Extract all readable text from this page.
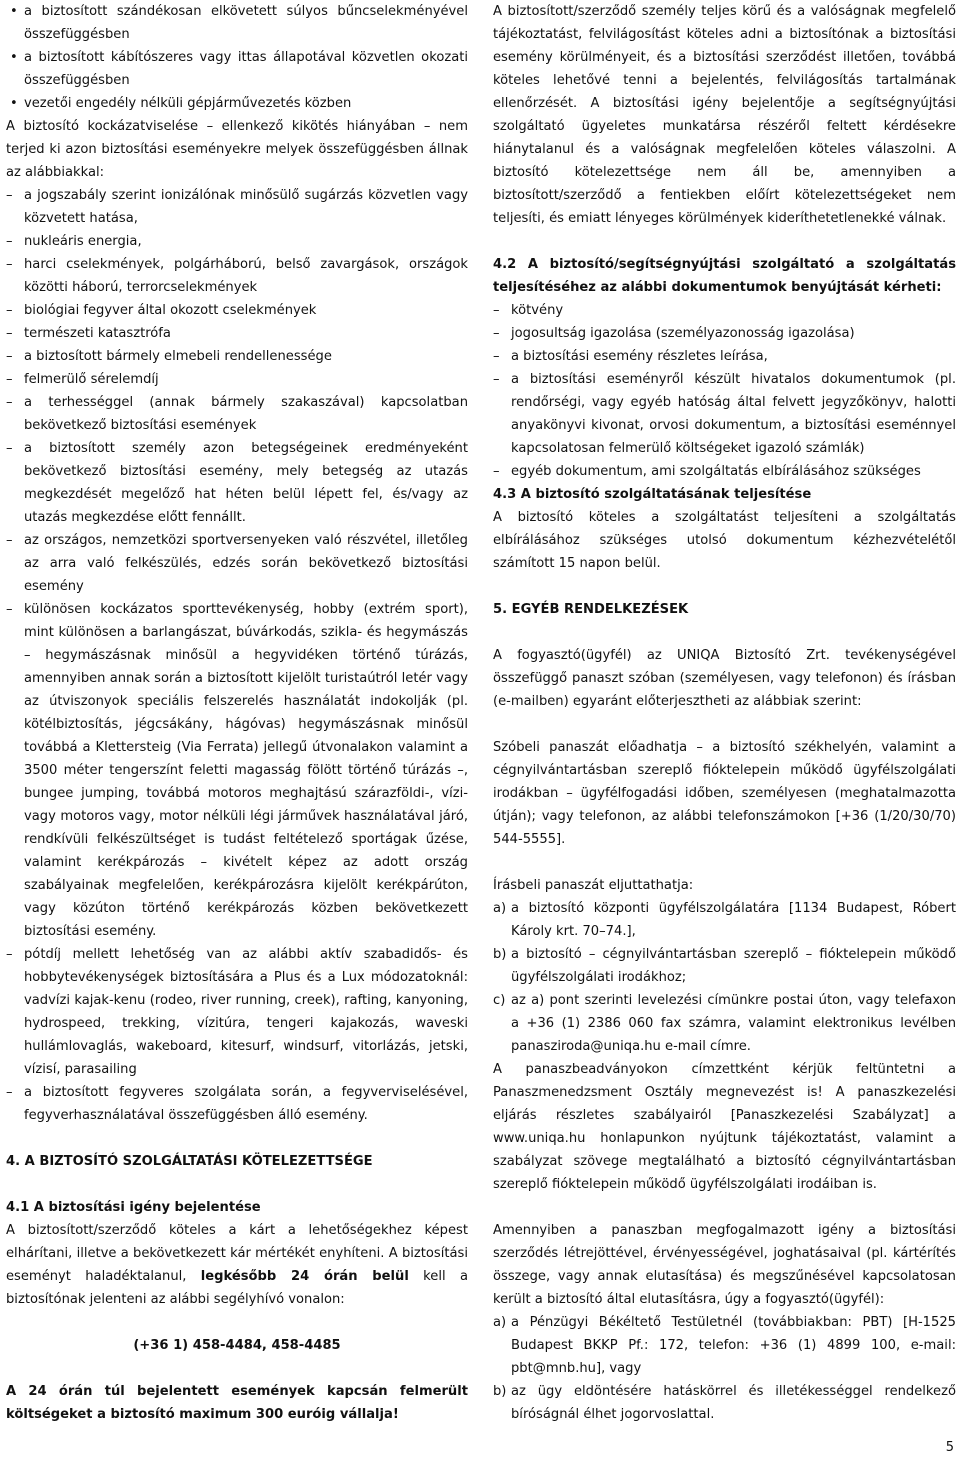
• a biztosított szándékosan elkövetett súlyos bűncselekményével összefüggésben
• a biztosított kábítószeres vagy ittas állapotával közvetlen okozati összefüggésben
• vezetői engedély nélküli gépjárművezetés közben

A biztosító kockázatviselése – ellenkező kikötés hiányában – nem terjed ki azon biztosítási eseményekre melyek összefüggésben állnak az alábbiakkal:

– a jogszabály szerint ionizálónak minősülő sugárzás közvetlen vagy közvetett hatása,
– nukleáris energia,
– harci cselekmények, polgárháború, belső zavargások, országok közötti háború, terrorcselekmények
– biológiai fegyver által okozott cselekmények
– természeti katasztrófa
– a biztosított bármely elmebeli rendellenessége
– felmerülő sérelemdíj
– a terhességgel (annak bármely szakaszával) kapcsolatban bekövetkező biztosítási események
– a biztosított személy azon betegségeinek eredményeként bekövetkező biztosítási esemény, mely betegség az utazás megkezdését megelőző hat héten belül lépett fel, és/vagy az utazás megkezdése előtt fennállt.
– az országos, nemzetközi sportversenyeken való részvétel, illetőleg az arra való felkészülés, edzés során bekövetkező biztosítási esemény
– különösen kockázatos sporttevékenység, hobby (extrém sport), mint különösen a barlangászat, búvárkodás, szikla- és hegymászás – hegymászásnak minősül a hegyvidéken történő túrázás, amennyiben annak során a biztosított kijelölt turistaútról letér vagy az útviszonyok speciális felszerelés használatát indokolják (pl. kötélbiztosítás, jégcsákány, hágóvas) hegymászásnak minősül továbbá a Klettersteig (Via Ferrata) jellegű útvonalakon valamint a 3500 méter tengerszínt feletti magasság fölött történő túrázás –, bungee jumping, továbbá motoros meghajtású szárazföldi-, vízi- vagy motoros vagy, motor nélküli légi járművek használatával járó, rendkívüli felkészültséget is tudást feltételező sportágak űzése, valamint kerékpározás – kivételt képez az adott ország szabályainak megfelelően, kerékpározásra kijelölt kerékpárúton, vagy közúton történő kerékpározás közben bekövetkezett biztosítási esemény.
– pótdíj mellett lehetőség van az alábbi aktív szabadidős- és hobbytevékenységek biztosítására a Plus és a Lux módozatoknál: vadvízi kajak-kenu (rodeo, river running, creek), rafting, kanyoning, hydrospeed, trekking, vízitúra, tengeri kajakozás, waveski hullámlovaglás, wakeboard, kitesurf, windsurf, vitorlázás, jetski, vízisí, parasailing
– a biztosított fegyveres szolgálata során, a fegyverviselésével, fegyverhasználatával összefüggésben álló esemény.

4. A BIZTOSÍTÓ SZOLGÁLTATÁSI KÖTELEZETTSÉGE

4.1 A biztosítási igény bejelentése

A biztosított/szerződő köteles a kárt a lehetőségekhez képest elhárítani, illetve a bekövetkezett kár mértékét enyhíteni. A biztosítási eseményt haladéktalanul, legkésőbb 24 órán belül kell a biztosítónak jelenteni az alábbi segélyhívó vonalon:

(+36 1) 458-4484, 458-4485

A 24 órán túl bejelentett események kapcsán felmerült költségeket a biztosító maximum 300 euróig vállalja!

A biztosított/szerződő személy teljes körű és a valóságnak megfelelő tájékoztatást, felvilágosítást köteles adni a biztosítónak a biztosítási esemény körülményeit, és a biztosítási szerződést illetően, továbbá köteles lehetővé tenni a bejelentés, felvilágosítás tartalmának ellenőrzését. A biztosítási igény bejelentője a segítségnyújtási szolgáltató ügyeletes munkatársa részéről feltett kérdésekre hiánytalanul és a valóságnak megfelelően köteles válaszolni. A biztosító kötelezettsége nem áll be, amennyiben a biztosított/szerződő a fentiekben előírt kötelezettségeket nem teljesíti, és emiatt lényeges körülmények kideríthetetlenekké válnak.

4.2 A biztosító/segítségnyújtási szolgáltató a szolgáltatás teljesítéséhez az alábbi dokumentumok benyújtását kérheti:

– kötvény
– jogosultság igazolása (személyazonosság igazolása)
– a biztosítási esemény részletes leírása,
– a biztosítási eseményről készült hivatalos dokumentumok (pl. rendőrségi, vagy egyéb hatóság által felvett jegyzőkönyv, halotti anyakönyvi kivonat, orvosi dokumentum, a biztosítási eseménnyel kapcsolatosan felmerülő költségeket igazoló számlák)
– egyéb dokumentum, ami szolgáltatás elbírálásához szükséges

4.3 A biztosító szolgáltatásának teljesítése

A biztosító köteles a szolgáltatást teljesíteni a szolgáltatás elbírálásához szükséges utolsó dokumentum kézhezvételétől számított 15 napon belül.

5. EGYÉB RENDELKEZÉSEK

A fogyasztó(ügyfél) az UNIQA Biztosító Zrt. tevékenységével összefüggő panaszt szóban (személyesen, vagy telefonon) és írásban (e-mailben) egyaránt előterjesztheti az alábbiak szerint:

Szóbeli panaszát előadhatja – a biztosító székhelyén, valamint a cégnyilvántartásban szereplő fióktelepein működő ügyfélszolgálati irodákban – ügyfélfogadási időben, személyesen (meghatalmazotta útján); vagy telefonon, az alábbi telefonszámokon [+36 (1/20/30/70) 544-5555].

Írásbeli panaszát eljuttathatja:

a) a biztosító központi ügyfélszolgálatára [1134 Budapest, Róbert Károly krt. 70–74.],
b) a biztosító – cégnyilvántartásban szereplő – fióktelepein működő ügyfélszolgálati irodákhoz;
c) az a) pont szerinti levelezési címünkre postai úton, vagy telefaxon a +36 (1) 2386 060 fax számra, valamint elektronikus levélben panasziroda@uniqa.hu e-mail címre.

A panaszbeadványokon címzettként kérjük feltüntetni a Panaszmenedzsment Osztály megnevezést is! A panaszkezelési eljárás részletes szabályairól [Panaszkezelési Szabályzat] a www.uniqa.hu honlapunkon nyújtunk tájékoztatást, valamint a szabályzat szövege megtalálható a biztosító cégnyilvántartásban szereplő fióktelepein működő ügyfélszolgálati irodáiban is.

Amennyiben a panaszban megfogalmazott igény a biztosítási szerződés létrejöttével, érvényességével, joghatásaival (pl. kártérítés összege, vagy annak elutasítása) és megszűnésével kapcsolatosan került a biztosító által elutasításra, úgy a fogyasztó(ügyfél):

a) a Pénzügyi Békéltető Testületnél (továbbiakban: PBT) [H-1525 Budapest BKKP Pf.: 172, telefon: +36 (1) 4899 100, e-mail: pbt@mnb.hu], vagy
b) az ügy eldöntésére hatáskörrel és illetékességgel rendelkező bíróságnál élhet jogorvoslattal.
5
